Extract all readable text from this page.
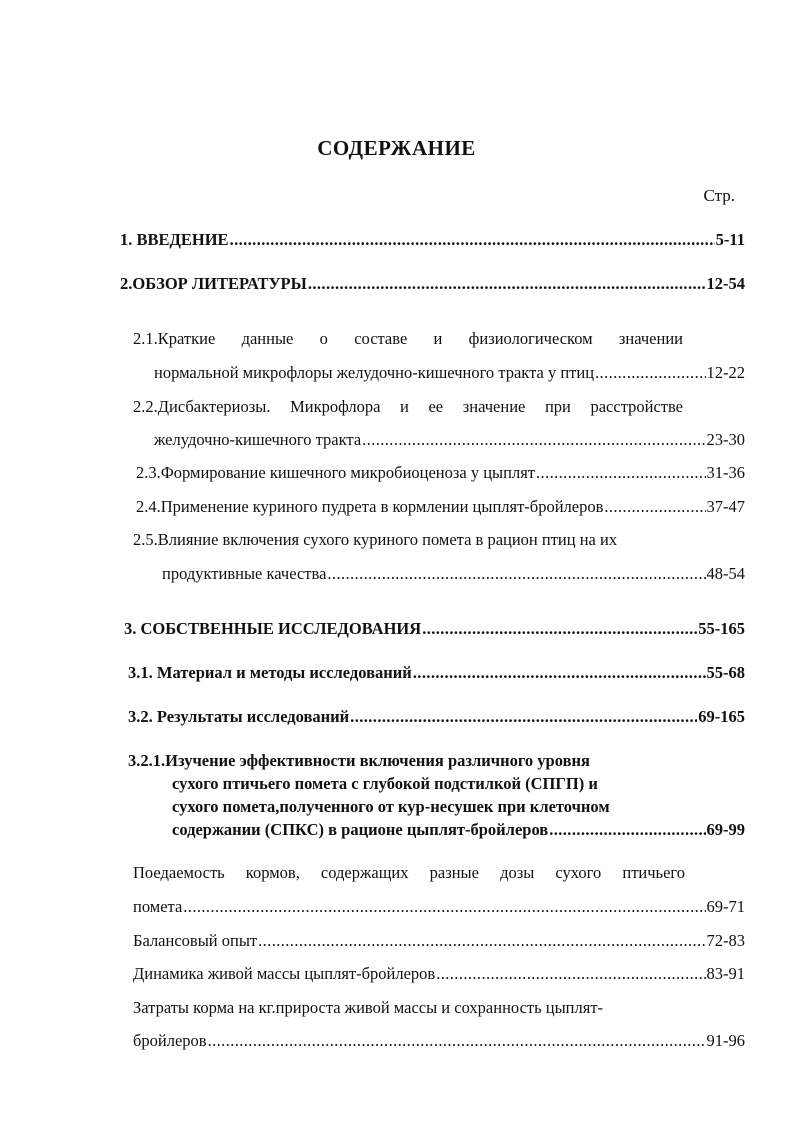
СОДЕРЖАНИЕ
Стр.
1. ВВЕДЕНИЕ .....	5-11
2.ОБЗОР ЛИТЕРАТУРЫ .....	12-54
2.1.Краткие данные о составе и физиологическом значении
нормальной микрофлоры желудочно-кишечного тракта у птиц .....	12-22
2.2.Дисбактериозы. Микрофлора и ее значение при расстройстве
желудочно-кишечного тракта .....	23-30
2.3.Формирование кишечного микробиоценоза у цыплят .....	31-36
2.4.Применение куриного пудрета в кормлении цыплят-бройлеров .....	37-47
2.5.Влияние включения сухого куриного помета в рацион птиц на их
продуктивные качества .....	48-54
3. СОБСТВЕННЫЕ ИССЛЕДОВАНИЯ .....	55-165
3.1. Материал и методы исследований .....	55-68
3.2. Результаты исследований .....	69-165
3.2.1.Изучение эффективности включения различного уровня
сухого птичьего помета с глубокой подстилкой (СПГП) и
сухого помета,полученного от кур-несушек при клеточном
содержании (СПКС) в рационе цыплят-бройлеров .....	69-99
Поедаемость кормов, содержащих разные дозы сухого птичьего
помета .....	69-71
Балансовый опыт .....	72-83
Динамика живой массы цыплят-бройлеров .....	83-91
Затраты корма на кг.прироста живой массы и сохранность цыплят-
бройлеров .....	91-96
